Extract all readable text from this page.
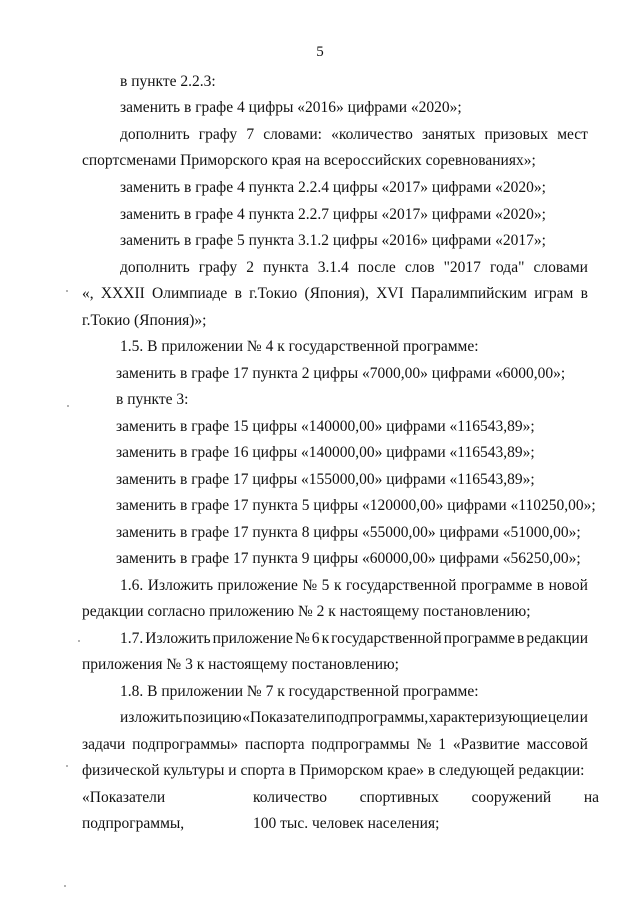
5
в пункте 2.2.3:
заменить в графе 4 цифры «2016» цифрами «2020»;
дополнить графу 7 словами: «количество занятых призовых мест
спортсменами Приморского края на всероссийских соревнованиях»;
заменить в графе 4 пункта 2.2.4 цифры «2017» цифрами «2020»;
заменить в графе 4 пункта 2.2.7 цифры «2017» цифрами «2020»;
заменить в графе 5 пункта 3.1.2 цифры «2016» цифрами «2017»;
дополнить графу 2 пункта 3.1.4 после слов "2017 года" словами
«, XXXII Олимпиаде в г.Токио (Япония), XVI Паралимпийским играм в
г.Токио (Япония)»;
1.5. В приложении № 4 к государственной программе:
заменить в графе 17 пункта 2 цифры «7000,00» цифрами «6000,00»;
в пункте 3:
заменить в графе 15 цифры «140000,00» цифрами «116543,89»;
заменить в графе 16 цифры «140000,00» цифрами «116543,89»;
заменить в графе 17 цифры «155000,00» цифрами «116543,89»;
заменить в графе 17 пункта 5 цифры «120000,00» цифрами «110250,00»;
заменить в графе 17 пункта 8 цифры «55000,00» цифрами «51000,00»;
заменить в графе 17 пункта 9 цифры «60000,00» цифрами «56250,00»;
1.6. Изложить приложение № 5 к государственной программе в новой
редакции согласно приложению № 2 к настоящему постановлению;
1.7. Изложить приложение № 6 к государственной программе в редакции
приложения № 3 к настоящему постановлению;
1.8. В приложении № 7 к государственной программе:
изложить позицию «Показатели подпрограммы, характеризующие цели и
задачи подпрограммы» паспорта подпрограммы № 1 «Развитие массовой
физической культуры и спорта в Приморском крае» в следующей редакции:
«Показатели	количество спортивных сооружений на
подпрограммы,	100 тыс. человек населения;
